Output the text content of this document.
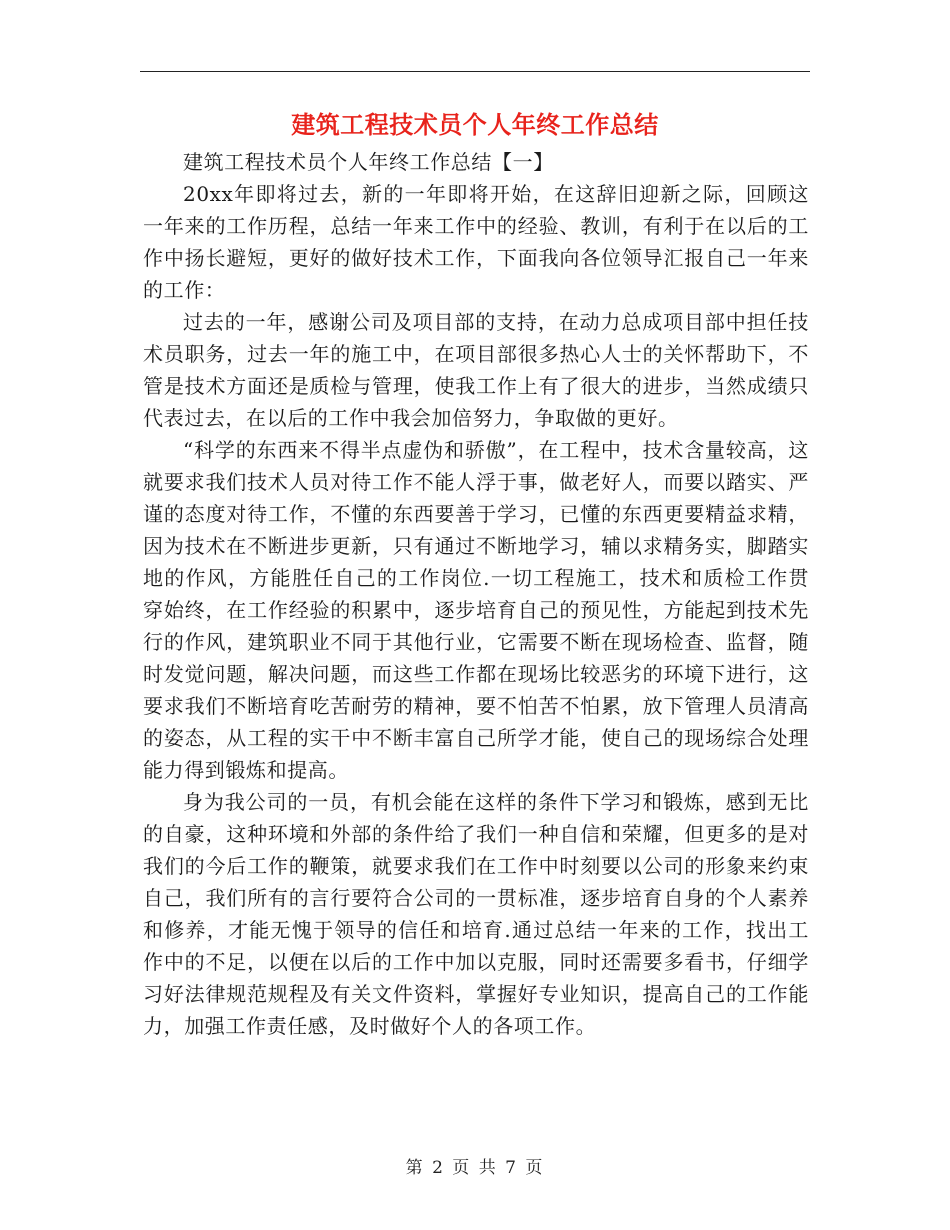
建筑工程技术员个人年终工作总结

建筑工程技术员个人年终工作总结【一】

20xx年即将过去，新的一年即将开始，在这辞旧迎新之际，回顾这一年来的工作历程，总结一年来工作中的经验、教训，有利于在以后的工作中扬长避短，更好的做好技术工作，下面我向各位领导汇报自己一年来的工作：

过去的一年，感谢公司及项目部的支持，在动力总成项目部中担任技术员职务，过去一年的施工中，在项目部很多热心人士的关怀帮助下，不管是技术方面还是质检与管理，使我工作上有了很大的进步，当然成绩只代表过去，在以后的工作中我会加倍努力，争取做的更好。

“科学的东西来不得半点虚伪和骄傲”，在工程中，技术含量较高，这就要求我们技术人员对待工作不能人浮于事，做老好人，而要以踏实、严谨的态度对待工作，不懂的东西要善于学习，已懂的东西更要精益求精，因为技术在不断进步更新，只有通过不断地学习，辅以求精务实，脚踏实地的作风，方能胜任自己的工作岗位.一切工程施工，技术和质检工作贯穿始终，在工作经验的积累中，逐步培育自己的预见性，方能起到技术先行的作风，建筑职业不同于其他行业，它需要不断在现场检查、监督，随时发觉问题，解决问题，而这些工作都在现场比较恶劣的环境下进行，这要求我们不断培育吃苦耐劳的精神，要不怕苦不怕累，放下管理人员清高的姿态，从工程的实干中不断丰富自己所学才能，使自己的现场综合处理能力得到锻炼和提高。

身为我公司的一员，有机会能在这样的条件下学习和锻炼，感到无比的自豪，这种环境和外部的条件给了我们一种自信和荣耀，但更多的是对我们的今后工作的鞭策，就要求我们在工作中时刻要以公司的形象来约束自己，我们所有的言行要符合公司的一贯标准，逐步培育自身的个人素养和修养，才能无愧于领导的信任和培育.通过总结一年来的工作，找出工作中的不足，以便在以后的工作中加以克服，同时还需要多看书，仔细学习好法律规范规程及有关文件资料，掌握好专业知识，提高自己的工作能力，加强工作责任感，及时做好个人的各项工作。

第 2 页 共 7 页
